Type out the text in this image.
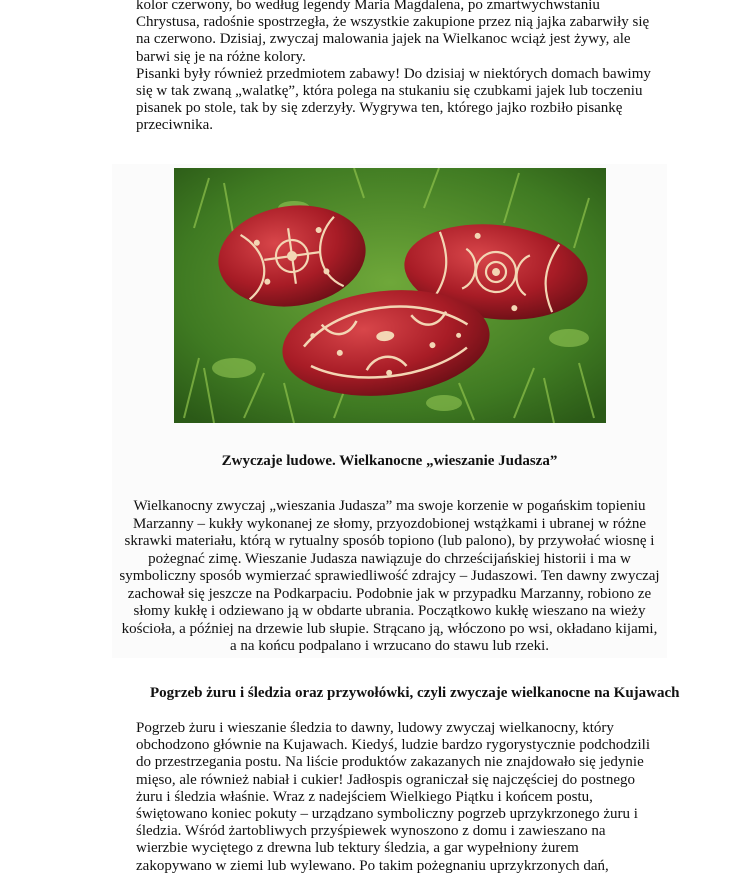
kolor czerwony, bo według legendy Maria Magdalena, po zmartwychwstaniu
Chrystusa, radośnie spostrzegła, że wszystkie zakupione przez nią jajka zabarwiły się
na czerwono. Dzisiaj, zwyczaj malowania jajek na Wielkanoc wciąż jest żywy, ale
barwi się je na różne kolory.
Pisanki były również przedmiotem zabawy! Do dzisiaj w niektórych domach bawimy
się w tak zwaną „walatkę”, która polega na stukaniu się czubkami jajek lub toczeniu
pisanek po stole, tak by się zderzyły. Wygrywa ten, którego jajko rozbiło pisankę
przeciwnika.

Zwyczaje ludowe. Wielkanocne „wieszanie Judasza”

Wielkanocny zwyczaj „wieszania Judasza” ma swoje korzenie w pogańskim topieniu
Marzanny – kukły wykonanej ze słomy, przyozdobionej wstążkami i ubranej w różne
skrawki materiału, którą w rytualny sposób topiono (lub palono), by przywołać wiosnę i
pożegnać zimę. Wieszanie Judasza nawiązuje do chrześcijańskiej historii i ma w
symboliczny sposób wymierzać sprawiedliwość zdrajcy – Judaszowi. Ten dawny zwyczaj
zachował się jeszcze na Podkarpaciu. Podobnie jak w przypadku Marzanny, robiono ze
słomy kukłę i odziewano ją w obdarte ubrania. Początkowo kukłę wieszano na wieży
kościoła, a później na drzewie lub słupie. Strącano ją, włóczono po wsi, okładano kijami,
a na końcu podpalano i wrzucano do stawu lub rzeki.

Pogrzeb żuru i śledzia oraz przywołówki, czyli zwyczaje wielkanocne na Kujawach

Pogrzeb żuru i wieszanie śledzia to dawny, ludowy zwyczaj wielkanocny, który
obchodzono głównie na Kujawach. Kiedyś, ludzie bardzo rygorystycznie podchodzili
do przestrzegania postu. Na liście produktów zakazanych nie znajdowało się jedynie
mięso, ale również nabiał i cukier! Jadłospis ograniczał się najczęściej do postnego
żuru i śledzia właśnie. Wraz z nadejściem Wielkiego Piątku i końcem postu,
świętowano koniec pokuty – urządzano symboliczny pogrzeb uprzykrzonego żuru i
śledzia. Wśród żartobliwych przyśpiewek wynoszono z domu i zawieszano na
wierzbie wyciętego z drewna lub tektury śledzia, a gar wypełniony żurem
zakopywano w ziemi lub wylewano. Po takim pożegnaniu uprzykrzonych dań,
